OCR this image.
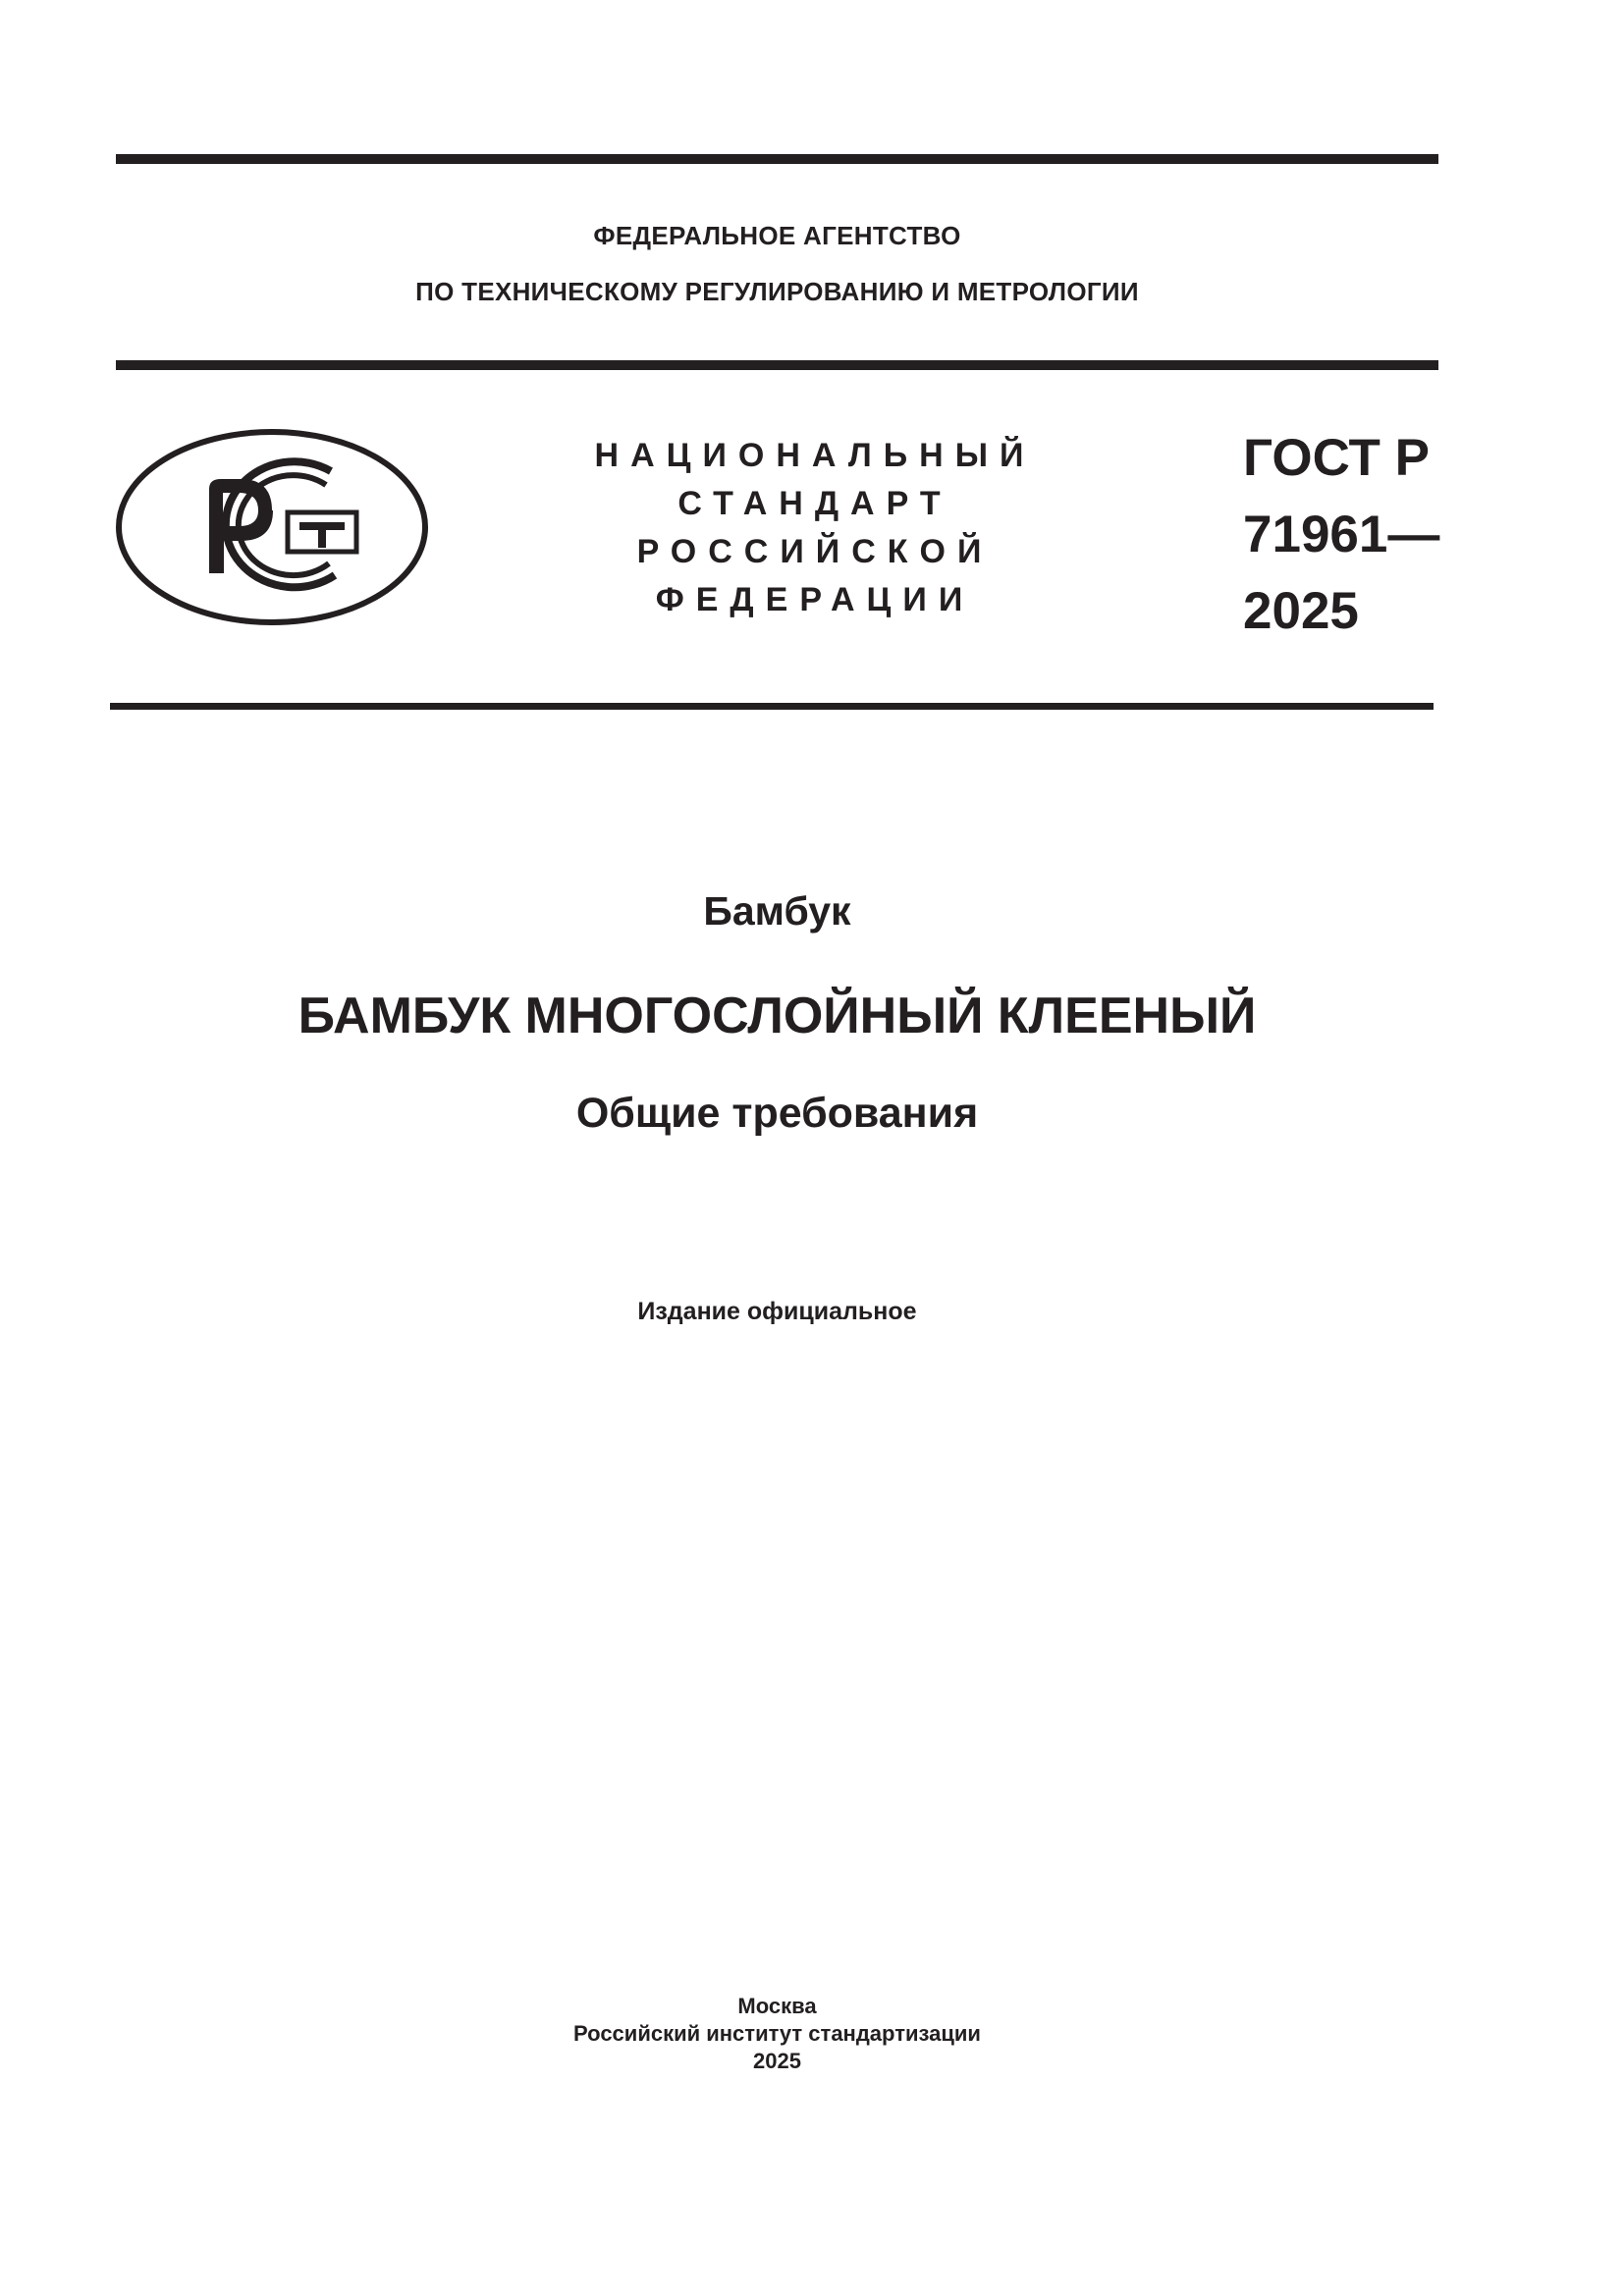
ФЕДЕРАЛЬНОЕ АГЕНТСТВО
ПО ТЕХНИЧЕСКОМУ РЕГУЛИРОВАНИЮ И МЕТРОЛОГИИ
НАЦИОНАЛЬНЫЙ
СТАНДАРТ
РОССИЙСКОЙ
ФЕДЕРАЦИИ
ГОСТ Р
71961—
2025
Бамбук
БАМБУК МНОГОСЛОЙНЫЙ КЛЕЕНЫЙ
Общие требования
Издание официальное
Москва
Российский институт стандартизации
2025
